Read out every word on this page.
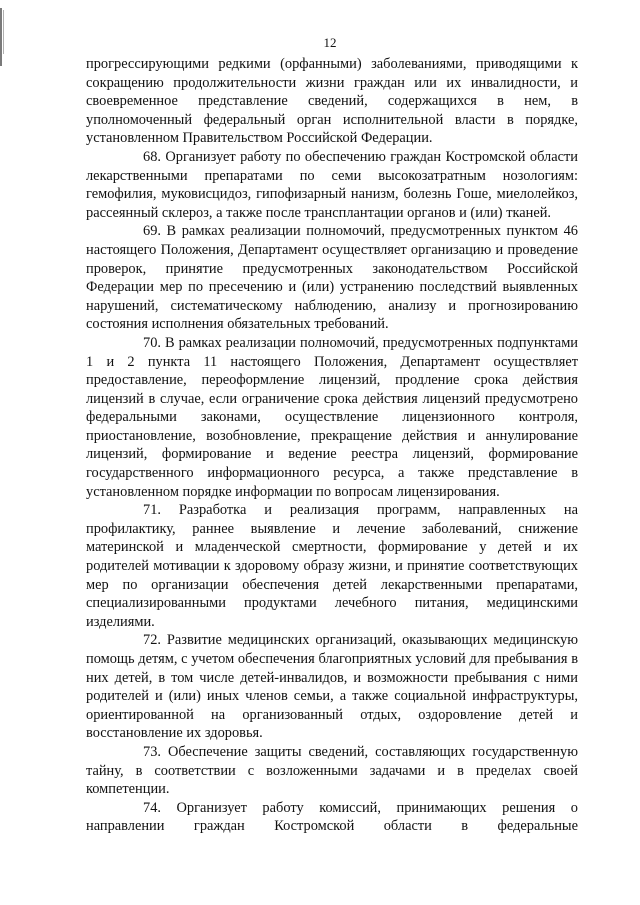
12

прогрессирующими редкими (орфанными) заболеваниями, приводящими к сокращению продолжительности жизни граждан или их инвалидности, и своевременное представление сведений, содержащихся в нем, в уполномоченный федеральный орган исполнительной власти в порядке, установленном Правительством Российской Федерации.

68. Организует работу по обеспечению граждан Костромской области лекарственными препаратами по семи высокозатратным нозологиям: гемофилия, муковисцидоз, гипофизарный нанизм, болезнь Гоше, миелолейкоз, рассеянный склероз, а также после трансплантации органов и (или) тканей.

69. В рамках реализации полномочий, предусмотренных пунктом 46 настоящего Положения, Департамент осуществляет организацию и проведение проверок, принятие предусмотренных законодательством Российской Федерации мер по пресечению и (или) устранению последствий выявленных нарушений, систематическому наблюдению, анализу и прогнозированию состояния исполнения обязательных требований.

70. В рамках реализации полномочий, предусмотренных подпунктами 1 и 2 пункта 11 настоящего Положения, Департамент осуществляет предоставление, переоформление лицензий, продление срока действия лицензий в случае, если ограничение срока действия лицензий предусмотрено федеральными законами, осуществление лицензионного контроля, приостановление, возобновление, прекращение действия и аннулирование лицензий, формирование и ведение реестра лицензий, формирование государственного информационного ресурса, а также представление в установленном порядке информации по вопросам лицензирования.

71. Разработка и реализация программ, направленных на профилактику, раннее выявление и лечение заболеваний, снижение материнской и младенческой смертности, формирование у детей и их родителей мотивации к здоровому образу жизни, и принятие соответствующих мер по организации обеспечения детей лекарственными препаратами, специализированными продуктами лечебного питания, медицинскими изделиями.

72. Развитие медицинских организаций, оказывающих медицинскую помощь детям, с учетом обеспечения благоприятных условий для пребывания в них детей, в том числе детей-инвалидов, и возможности пребывания с ними родителей и (или) иных членов семьи, а также социальной инфраструктуры, ориентированной на организованный отдых, оздоровление детей и восстановление их здоровья.

73. Обеспечение защиты сведений, составляющих государственную тайну, в соответствии с возложенными задачами и в пределах своей компетенции.

74. Организует работу комиссий, принимающих решения о направлении граждан Костромской области в федеральные
